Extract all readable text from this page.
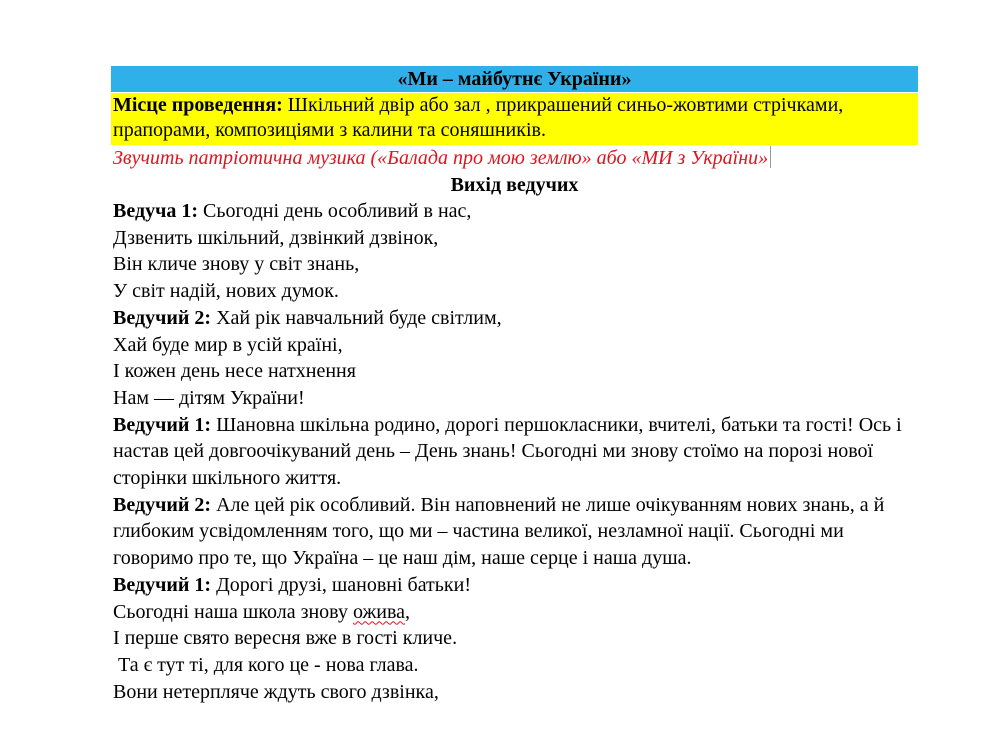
«Ми – майбутнє України»
Місце проведення: Шкільний двір або зал , прикрашений синьо-жовтими стрічками, прапорами, композиціями з калини та соняшників.
Звучить патріотична музика («Балада про мою землю» або «МИ з України»
Вихід ведучих
Ведуча 1: Сьогодні день особливий в нас,
Дзвенить шкільний, дзвінкий дзвінок,
Він кличе знову у світ знань,
У світ надій, нових думок.
Ведучий 2: Хай рік навчальний буде світлим,
Хай буде мир в усій країні,
І кожен день несе натхнення
Нам — дітям України!
Ведучий 1: Шановна шкільна родино, дорогі першокласники, вчителі, батьки та гості! Ось і настав цей довгоочікуваний день – День знань! Сьогодні ми знову стоїмо на порозі нової сторінки шкільного життя.
Ведучий 2: Але цей рік особливий. Він наповнений не лише очікуванням нових знань, а й глибоким усвідомленням того, що ми – частина великої, незламної нації. Сьогодні ми говоримо про те, що Україна – це наш дім, наше серце і наша душа.
Ведучий 1: Дорогі друзі, шановні батьки!
Сьогодні наша школа знову ожива,
І перше свято вересня вже в гості кличе.
Та є тут ті, для кого це - нова глава.
Вони нетерпляче ждуть свого дзвінка,
